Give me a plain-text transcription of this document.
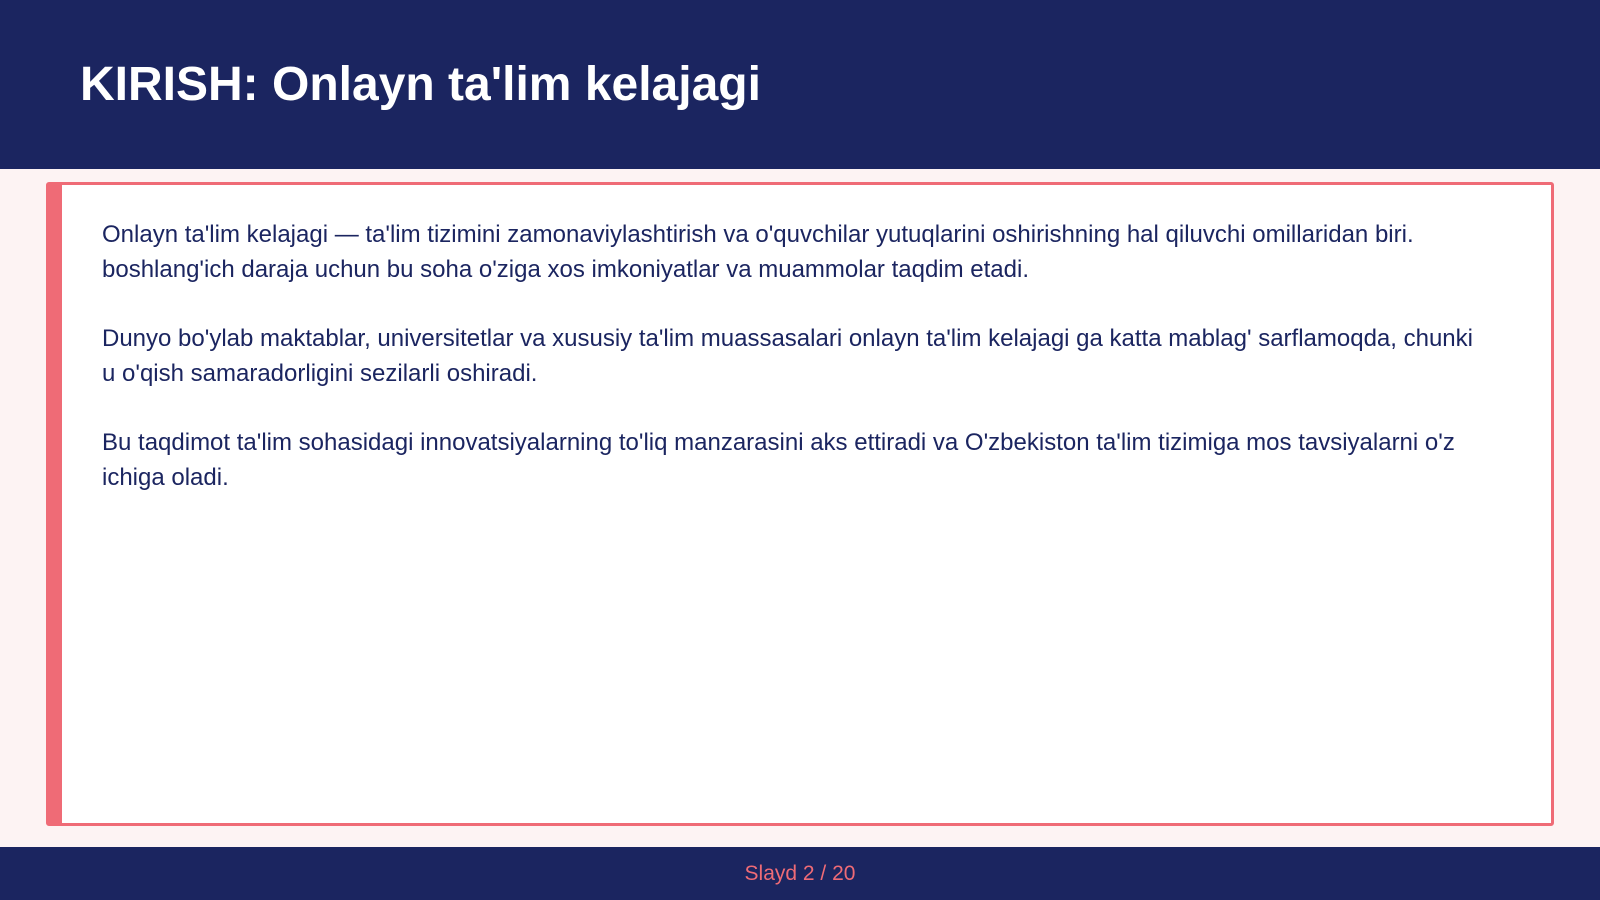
KIRISH: Onlayn ta'lim kelajagi

Onlayn ta'lim kelajagi — ta'lim tizimini zamonaviylashtirish va o'quvchilar yutuqlarini oshirishning hal qiluvchi omillaridan biri. boshlang'ich daraja uchun bu soha o'ziga xos imkoniyatlar va muammolar taqdim etadi.

Dunyo bo'ylab maktablar, universitetlar va xususiy ta'lim muassasalari onlayn ta'lim kelajagi ga katta mablag' sarflamoqda, chunki u o'qish samaradorligini sezilarli oshiradi.

Bu taqdimot ta'lim sohasidagi innovatsiyalarning to'liq manzarasini aks ettiradi va O'zbekiston ta'lim tizimiga mos tavsiyalarni o'z ichiga oladi.

Slayd 2 / 20
